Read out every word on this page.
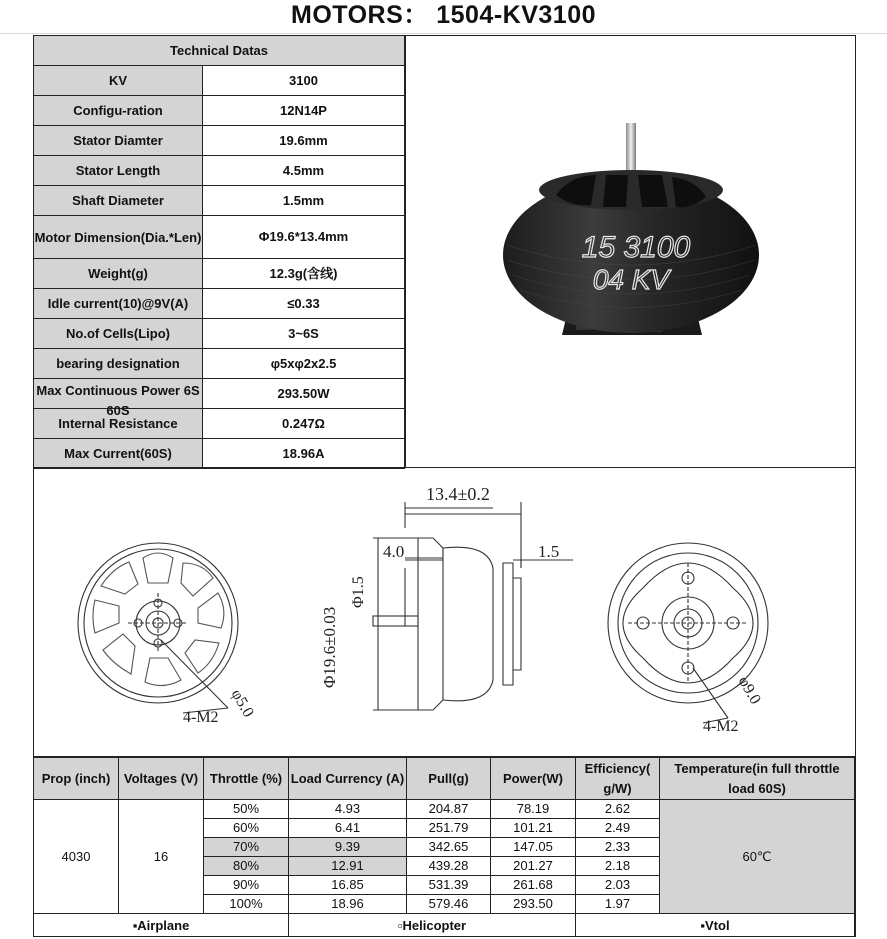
MOTORS： 1504-KV3100
Technical Datas	
KV	3100
Configu-ration	12N14P
Stator Diamter	19.6mm
Stator Length	4.5mm
Shaft Diameter	1.5mm
Motor Dimension(Dia.*Len)	Φ19.6*13.4mm
Weight(g)	12.3g(含线)
Idle current(10)@9V(A)	≤0.33
No.of Cells(Lipo)	3~6S
bearing designation	φ5xφ2x2.5

Max Continuous Power 6S 60S	293.50W
Internal Resistance	0.247Ω
Max Current(60S)	18.96A
15 3100
04 KV
13.4±0.2
4.0	1.5
Φ19.6±0.03
Φ1.5
φ5.0
4-M2
φ9.0
4-M2
Prop (inch)	Voltages (V)	Throttle (%)	Load Currency (A)	Pull(g)	Power(W)	Efficiency( g/W)	Temperature(in full throttle load 60S)
4030	16	50%	4.93	204.87	78.19	2.62	60℃
		60%	6.41	251.79	101.21	2.49	
		70%	9.39	342.65	147.05	2.33	
		80%	12.91	439.28	201.27	2.18	
		90%	16.85	531.39	261.68	2.03	
		100%	18.96	579.46	293.50	1.97	
▪Airplane			▫Helicopter			▪Vtol	
